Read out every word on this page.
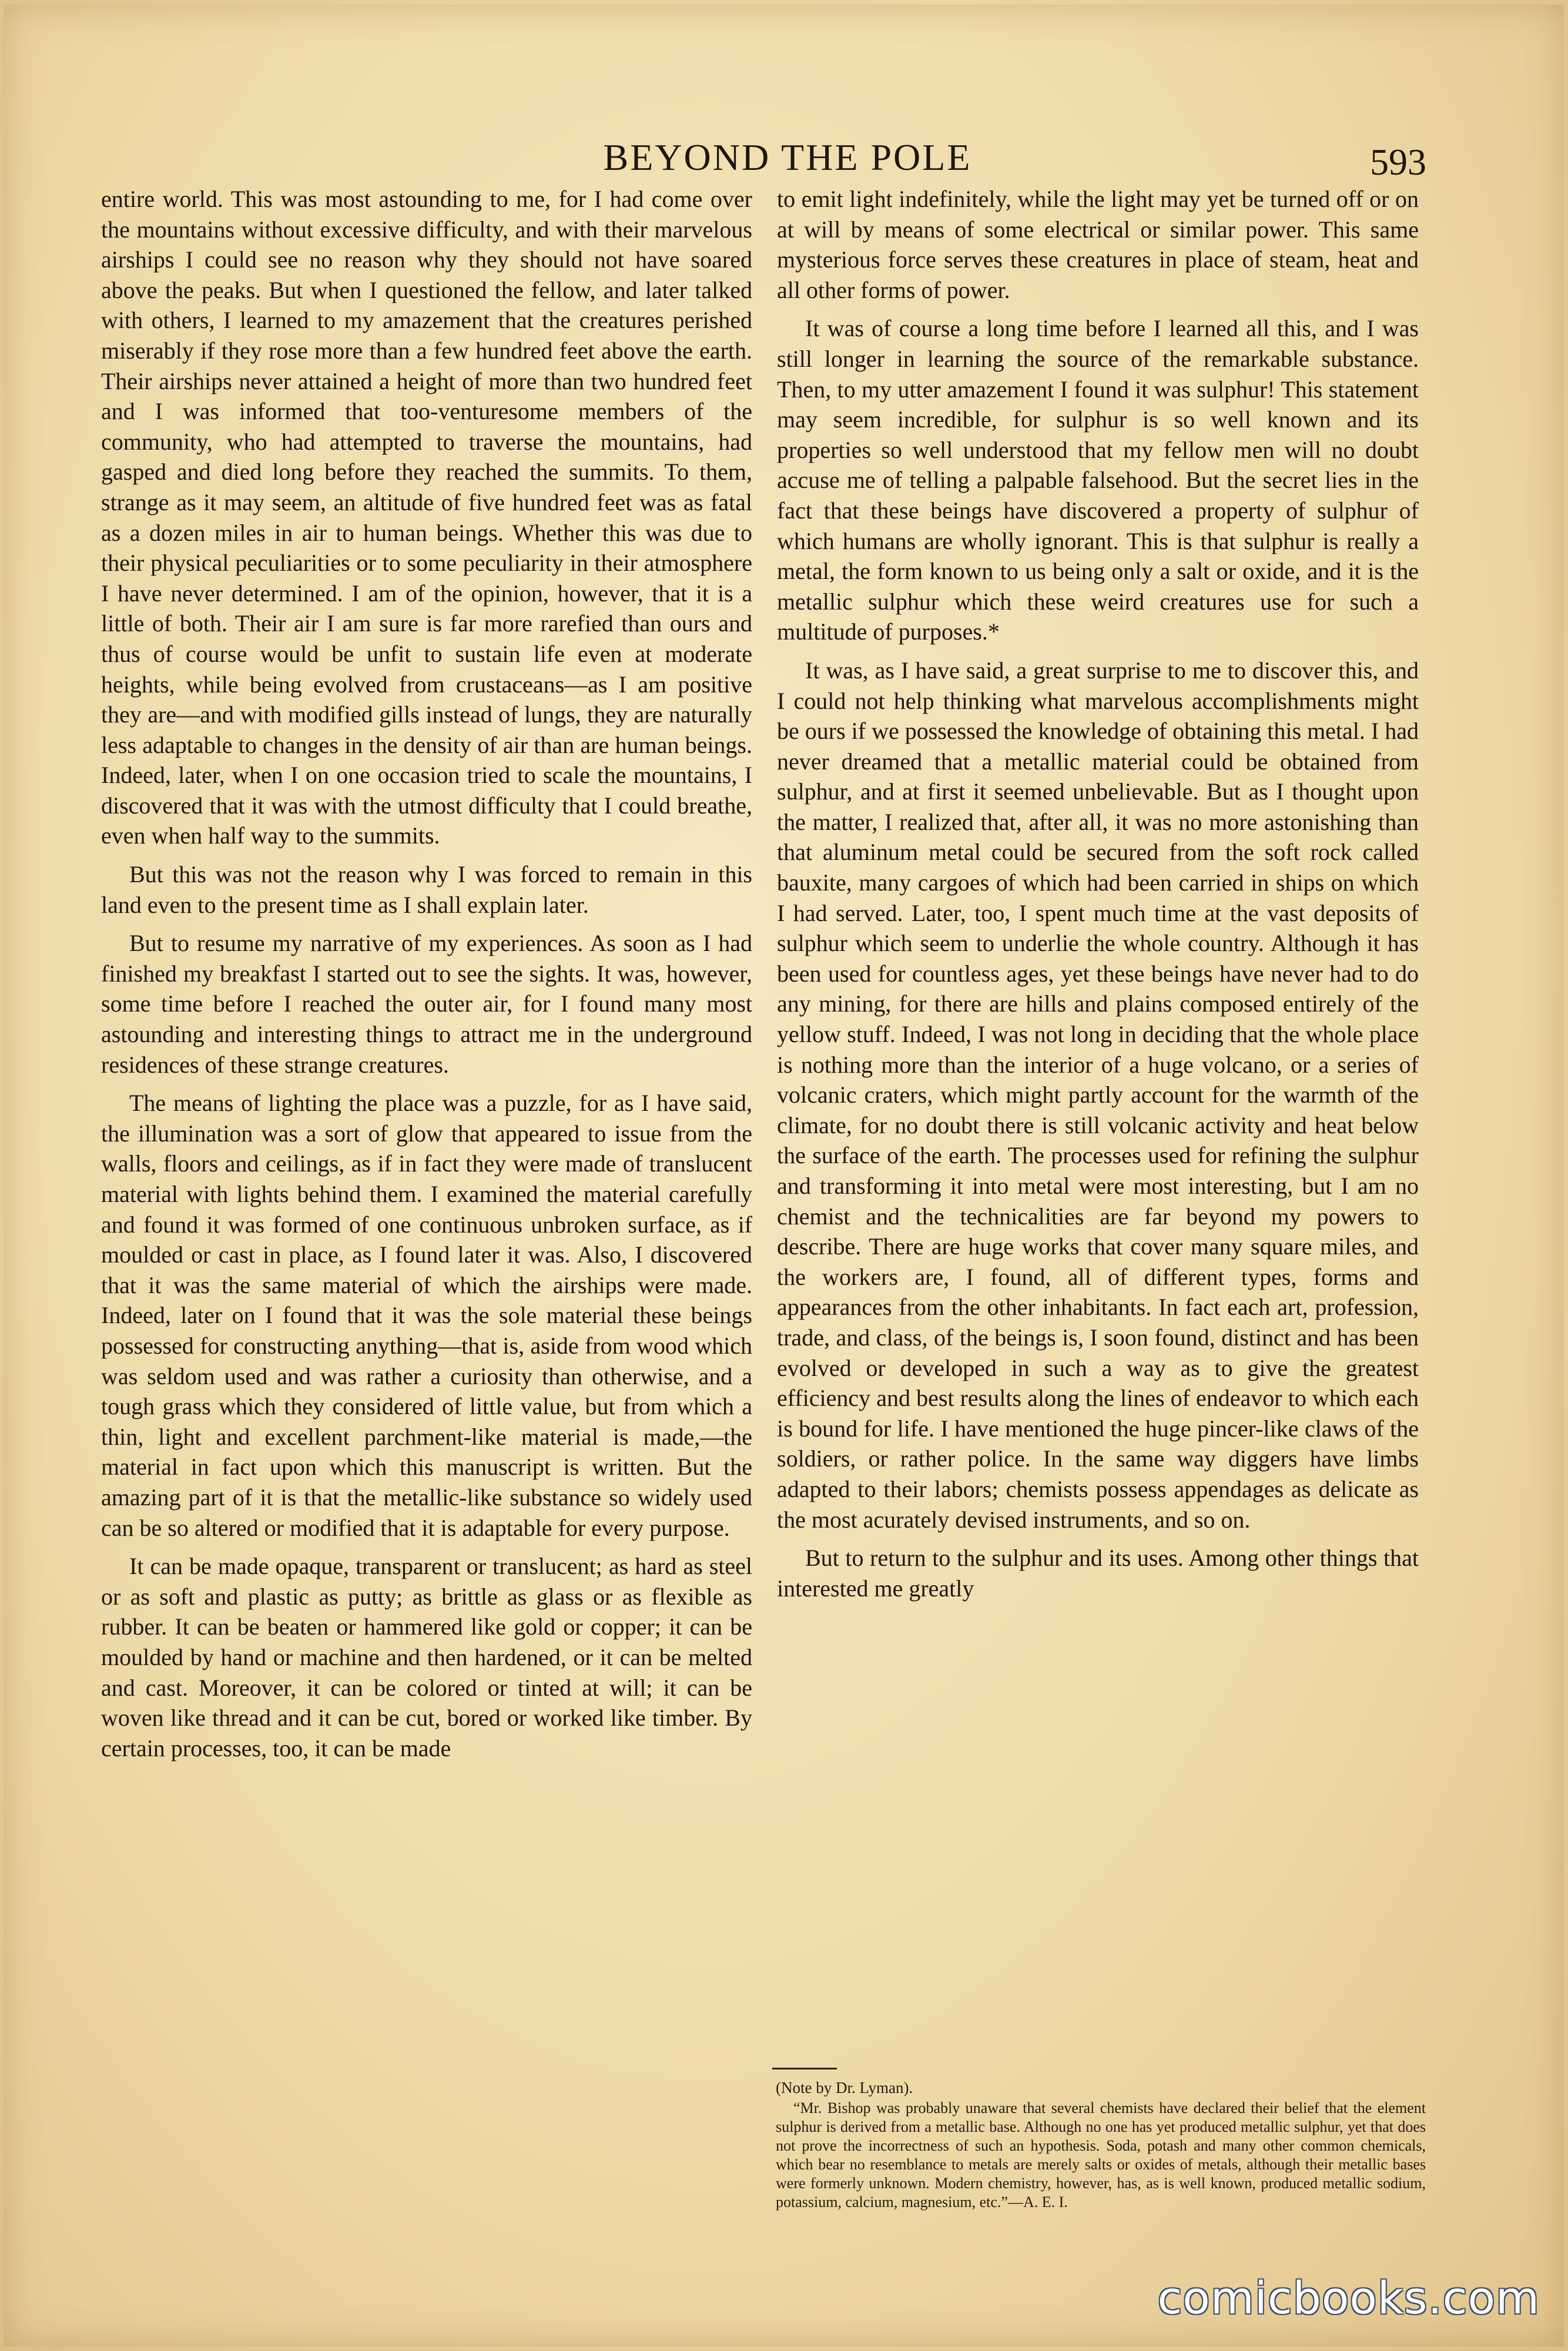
BEYOND THE POLE	593

entire world. This was most astounding to me, for I had come over the mountains without excessive difficulty, and with their marvelous airships I could see no reason why they should not have soared above the peaks. But when I questioned the fellow, and later talked with others, I learned to my amazement that the creatures perished miserably if they rose more than a few hundred feet above the earth. Their airships never attained a height of more than two hundred feet and I was informed that too-venturesome members of the community, who had attempted to traverse the mountains, had gasped and died long before they reached the summits. To them, strange as it may seem, an altitude of five hundred feet was as fatal as a dozen miles in air to human beings. Whether this was due to their physical peculiarities or to some peculiarity in their atmosphere I have never determined. I am of the opinion, however, that it is a little of both. Their air I am sure is far more rarefied than ours and thus of course would be unfit to sustain life even at moderate heights, while being evolved from crustaceans—as I am positive they are—and with modified gills instead of lungs, they are naturally less adaptable to changes in the density of air than are human beings. Indeed, later, when I on one occasion tried to scale the mountains, I discovered that it was with the utmost difficulty that I could breathe, even when half way to the summits.

But this was not the reason why I was forced to remain in this land even to the present time as I shall explain later.

But to resume my narrative of my experiences. As soon as I had finished my breakfast I started out to see the sights. It was, however, some time before I reached the outer air, for I found many most astounding and interesting things to attract me in the underground residences of these strange creatures.

The means of lighting the place was a puzzle, for as I have said, the illumination was a sort of glow that appeared to issue from the walls, floors and ceilings, as if in fact they were made of translucent material with lights behind them. I examined the material carefully and found it was formed of one continuous unbroken surface, as if moulded or cast in place, as I found later it was. Also, I discovered that it was the same material of which the airships were made. Indeed, later on I found that it was the sole material these beings possessed for constructing anything—that is, aside from wood which was seldom used and was rather a curiosity than otherwise, and a tough grass which they considered of little value, but from which a thin, light and excellent parchment-like material is made,—the material in fact upon which this manuscript is written. But the amazing part of it is that the metallic-like substance so widely used can be so altered or modified that it is adaptable for every purpose.

It can be made opaque, transparent or translucent; as hard as steel or as soft and plastic as putty; as brittle as glass or as flexible as rubber. It can be beaten or hammered like gold or copper; it can be moulded by hand or machine and then hardened, or it can be melted and cast. Moreover, it can be colored or tinted at will; it can be woven like thread and it can be cut, bored or worked like timber. By certain processes, too, it can be made

to emit light indefinitely, while the light may yet be turned off or on at will by means of some electrical or similar power. This same mysterious force serves these creatures in place of steam, heat and all other forms of power.

It was of course a long time before I learned all this, and I was still longer in learning the source of the remarkable substance. Then, to my utter amazement I found it was sulphur! This statement may seem incredible, for sulphur is so well known and its properties so well understood that my fellow men will no doubt accuse me of telling a palpable falsehood. But the secret lies in the fact that these beings have discovered a property of sulphur of which humans are wholly ignorant. This is that sulphur is really a metal, the form known to us being only a salt or oxide, and it is the metallic sulphur which these weird creatures use for such a multitude of purposes.*

It was, as I have said, a great surprise to me to discover this, and I could not help thinking what marvelous accomplishments might be ours if we possessed the knowledge of obtaining this metal. I had never dreamed that a metallic material could be obtained from sulphur, and at first it seemed unbelievable. But as I thought upon the matter, I realized that, after all, it was no more astonishing than that aluminum metal could be secured from the soft rock called bauxite, many cargoes of which had been carried in ships on which I had served. Later, too, I spent much time at the vast deposits of sulphur which seem to underlie the whole country. Although it has been used for countless ages, yet these beings have never had to do any mining, for there are hills and plains composed entirely of the yellow stuff. Indeed, I was not long in deciding that the whole place is nothing more than the interior of a huge volcano, or a series of volcanic craters, which might partly account for the warmth of the climate, for no doubt there is still volcanic activity and heat below the surface of the earth. The processes used for refining the sulphur and transforming it into metal were most interesting, but I am no chemist and the technicalities are far beyond my powers to describe. There are huge works that cover many square miles, and the workers are, I found, all of different types, forms and appearances from the other inhabitants. In fact each art, profession, trade, and class, of the beings is, I soon found, distinct and has been evolved or developed in such a way as to give the greatest efficiency and best results along the lines of endeavor to which each is bound for life. I have mentioned the huge pincer-like claws of the soldiers, or rather police. In the same way diggers have limbs adapted to their labors; chemists possess appendages as delicate as the most acurately devised instruments, and so on.

But to return to the sulphur and its uses. Among other things that interested me greatly

(Note by Dr. Lyman).
“Mr. Bishop was probably unaware that several chemists have declared their belief that the element sulphur is derived from a metallic base. Although no one has yet produced metallic sulphur, yet that does not prove the incorrectness of such an hypothesis. Soda, potash and many other common chemicals, which bear no resemblance to metals are merely salts or oxides of metals, although their metallic bases were formerly unknown. Modern chemistry, however, has, as is well known, produced metallic sodium, potassium, calcium, magnesium, etc.”—A. E. I.
comicbooks.com
